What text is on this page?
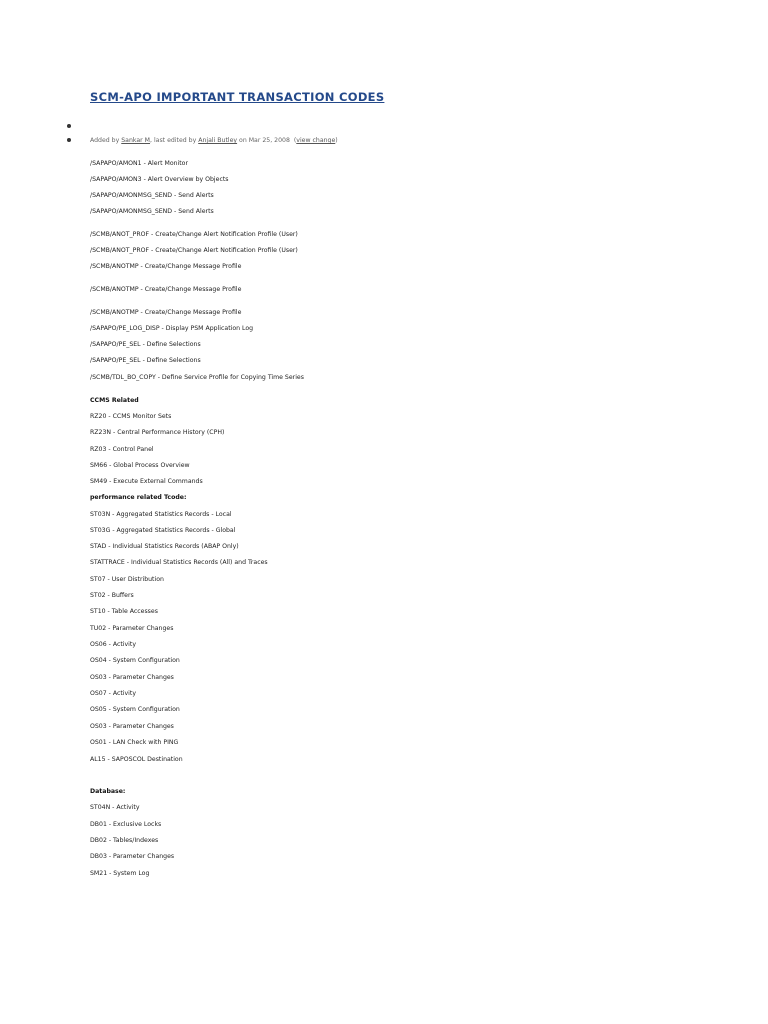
SCM-APO IMPORTANT TRANSACTION CODES
Added by Sankar M, last edited by Anjali Butley on Mar 25, 2008  (view change)

/SAPAPO/AMON1 - Alert Monitor

/SAPAPO/AMON3 - Alert Overview by Objects

/SAPAPO/AMONMSG_SEND - Send Alerts

/SAPAPO/AMONMSG_SEND - Send Alerts

/SCMB/ANOT_PROF - Create/Change Alert Notification Profile (User)

/SCMB/ANOT_PROF - Create/Change Alert Notification Profile (User)

/SCMB/ANOTMP - Create/Change Message Profile

/SCMB/ANOTMP - Create/Change Message Profile

/SCMB/ANOTMP - Create/Change Message Profile

/SAPAPO/PE_LOG_DISP - Display PSM Application Log

/SAPAPO/PE_SEL - Define Selections

/SAPAPO/PE_SEL - Define Selections

/SCMB/TDL_BO_COPY - Define Service Profile for Copying Time Series

CCMS Related

RZ20 - CCMS Monitor Sets

RZ23N - Central Performance History (CPH)

RZ03 - Control Panel

SM66 - Global Process Overview

SM49 - Execute External Commands

performance related Tcode:

ST03N - Aggregated Statistics Records - Local

ST03G - Aggregated Statistics Records - Global

STAD - Individual Statistics Records (ABAP Only)

STATTRACE - Individual Statistics Records (All) and Traces

ST07 - User Distribution

ST02 - Buffers

ST10 - Table Accesses

TU02 - Parameter Changes

OS06 - Activity

OS04 - System Configuration

OS03 - Parameter Changes

OS07 - Activity

OS05 - System Configuration

OS03 - Parameter Changes

OS01 - LAN Check with PING

AL15 - SAPOSCOL Destination

Database:

ST04N - Activity

DB01 - Exclusive Locks

DB02 - Tables/Indexes

DB03 - Parameter Changes

SM21 - System Log
